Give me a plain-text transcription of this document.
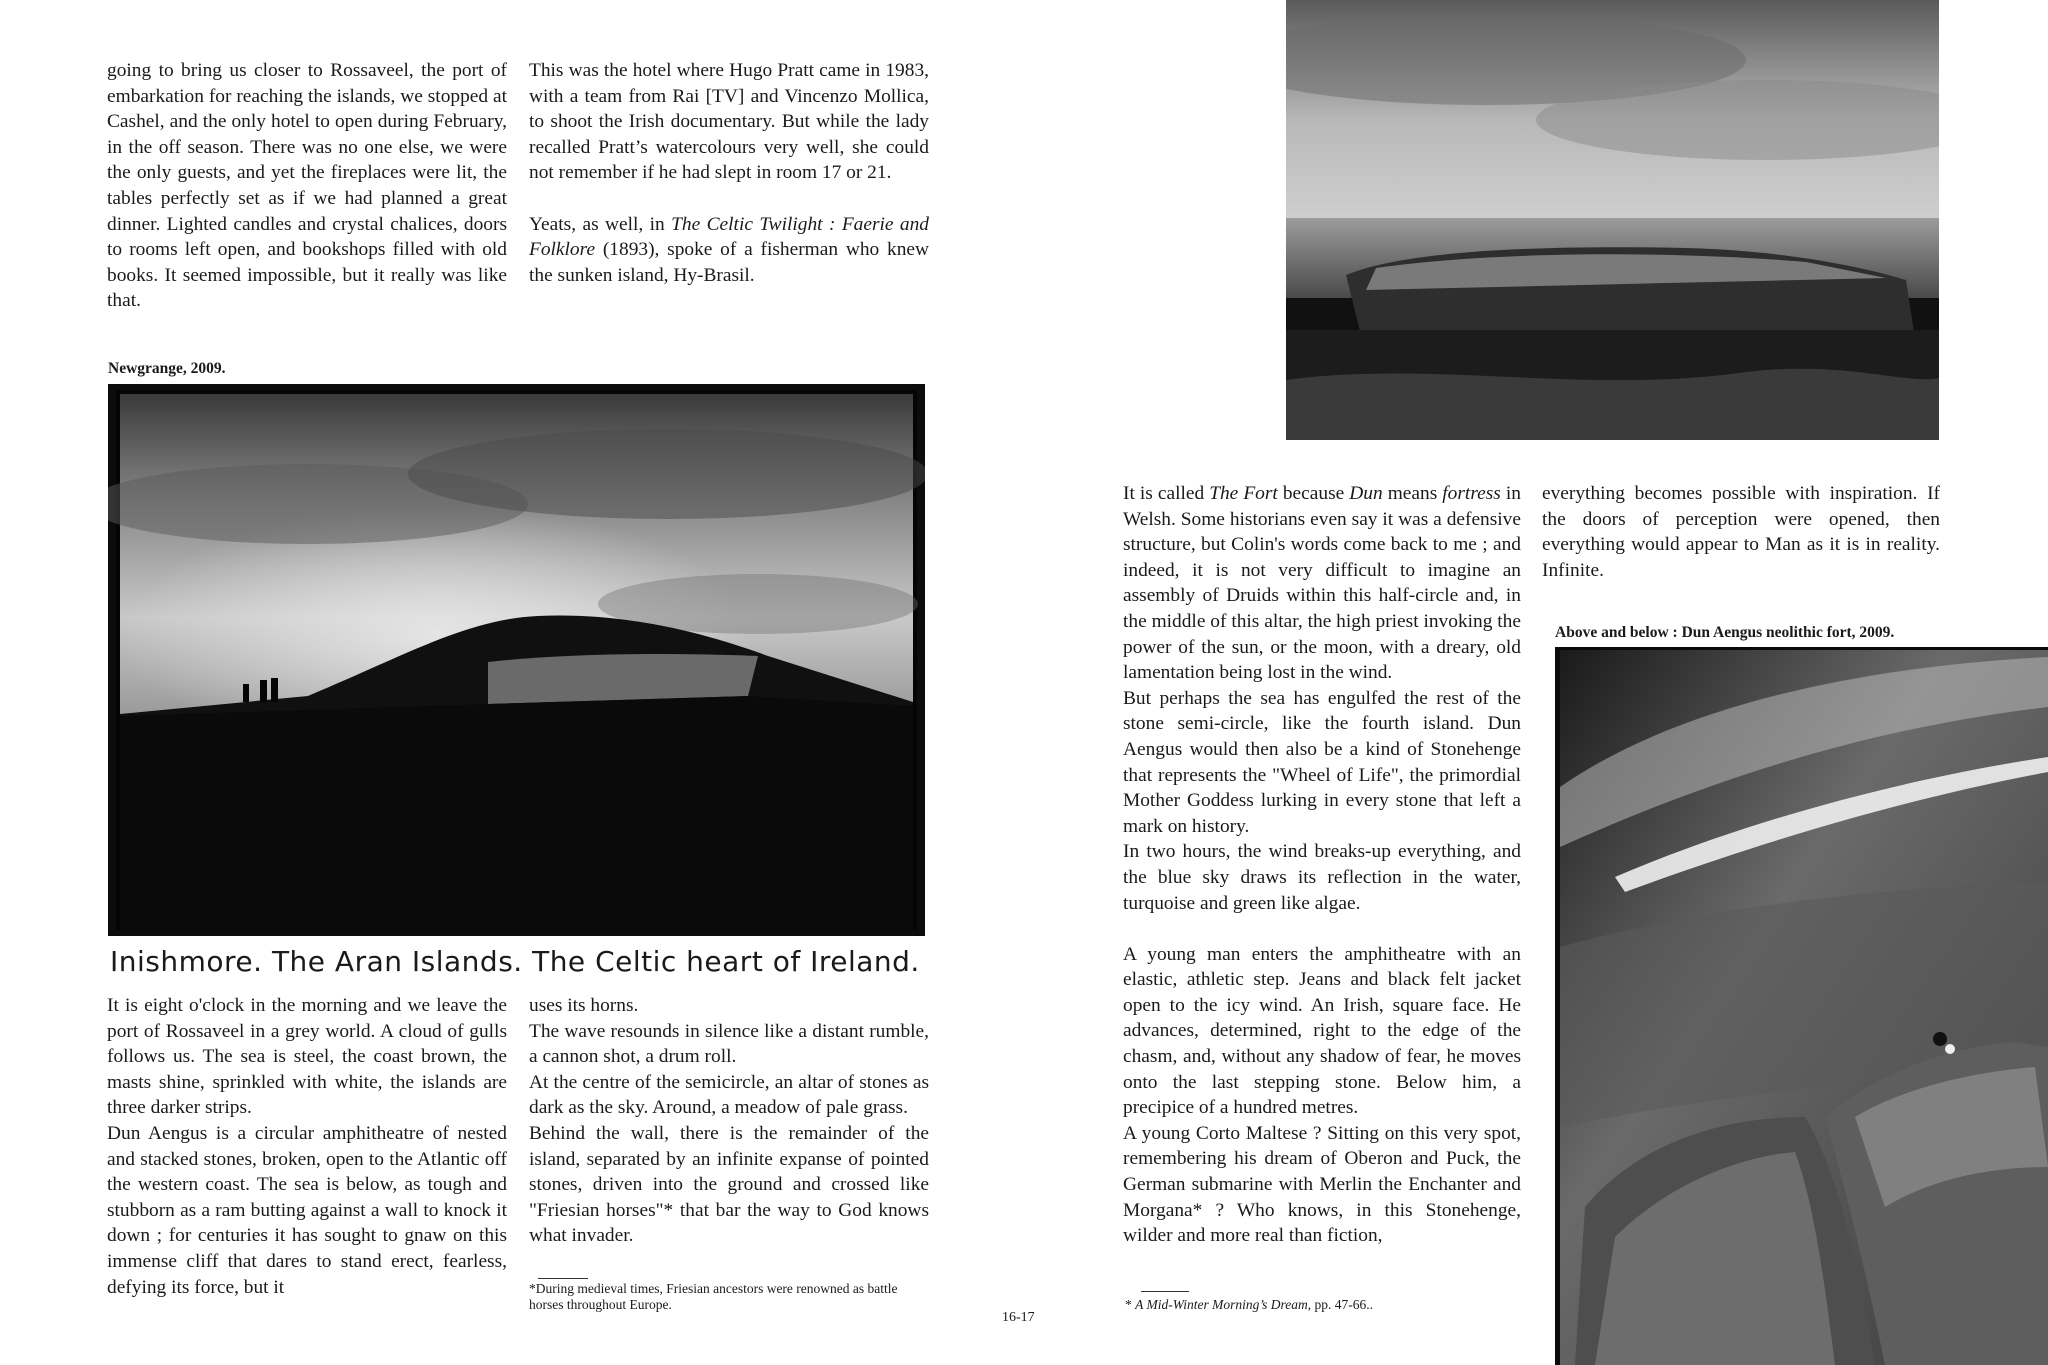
going to bring us closer to Rossaveel, the port of embarkation for reaching the islands, we stopped at Cashel, and the only hotel to open during February, in the off season. There was no one else, we were the only guests, and yet the fireplaces were lit, the tables perfectly set as if we had planned a great dinner. Lighted candles and crystal chalices, doors to rooms left open, and bookshops filled with old books. It seemed impossible, but it really was like that.

This was the hotel where Hugo Pratt came in 1983, with a team from Rai [TV] and Vincenzo Mollica, to shoot the Irish documentary. But while the lady recalled Pratt’s watercolours very well, she could not remember if he had slept in room 17 or 21.

Yeats, as well, in The Celtic Twilight : Faerie and Folklore (1893), spoke of a fisherman who knew the sunken island, Hy-Brasil.

Newgrange, 2009.
Inishmore. The Aran Islands. The Celtic heart of Ireland.

It is eight o'clock in the morning and we leave the port of Rossaveel in a grey world. A cloud of gulls follows us. The sea is steel, the coast brown, the masts shine, sprinkled with white, the islands are three darker strips.

Dun Aengus is a circular amphitheatre of nested and stacked stones, broken, open to the Atlantic off the western coast. The sea is below, as tough and stubborn as a ram butting against a wall to knock it down ; for centuries it has sought to gnaw on this immense cliff that dares to stand erect, fearless, defying its force, but it

uses its horns.

The wave resounds in silence like a distant rumble, a cannon shot, a drum roll.

At the centre of the semicircle, an altar of stones as dark as the sky. Around, a meadow of pale grass.

Behind the wall, there is the remainder of the island, separated by an infinite expanse of pointed stones, driven into the ground and crossed like "Friesian horses"* that bar the way to God knows what invader.

*During medieval times, Friesian ancestors were renowned as battle horses throughout Europe.
16-17

It is called The Fort because Dun means fortress in Welsh. Some historians even say it was a defensive structure, but Colin's words come back to me ; and indeed, it is not very difficult to imagine an assembly of Druids within this half-circle and, in the middle of this altar, the high priest invoking the power of the sun, or the moon, with a dreary, old lamentation being lost in the wind.

But perhaps the sea has engulfed the rest of the stone semi-circle, like the fourth island. Dun Aengus would then also be a kind of Stonehenge that represents the "Wheel of Life", the primordial Mother Goddess lurking in every stone that left a mark on history.

In two hours, the wind breaks-up everything, and the blue sky draws its reflection in the water, turquoise and green like algae.

A young man enters the amphitheatre with an elastic, athletic step. Jeans and black felt jacket open to the icy wind. An Irish, square face. He advances, determined, right to the edge of the chasm, and, without any shadow of fear, he moves onto the last stepping stone. Below him, a precipice of a hundred metres.

A young Corto Maltese ? Sitting on this very spot, remembering his dream of Oberon and Puck, the German submarine with Merlin the Enchanter and Morgana* ? Who knows, in this Stonehenge, wilder and more real than fiction,

everything becomes possible with inspiration. If the doors of perception were opened, then everything would appear to Man as it is in reality. Infinite.

Above and below : Dun Aengus neolithic fort, 2009.
* A Mid-Winter Morning’s Dream, pp. 47-66..
